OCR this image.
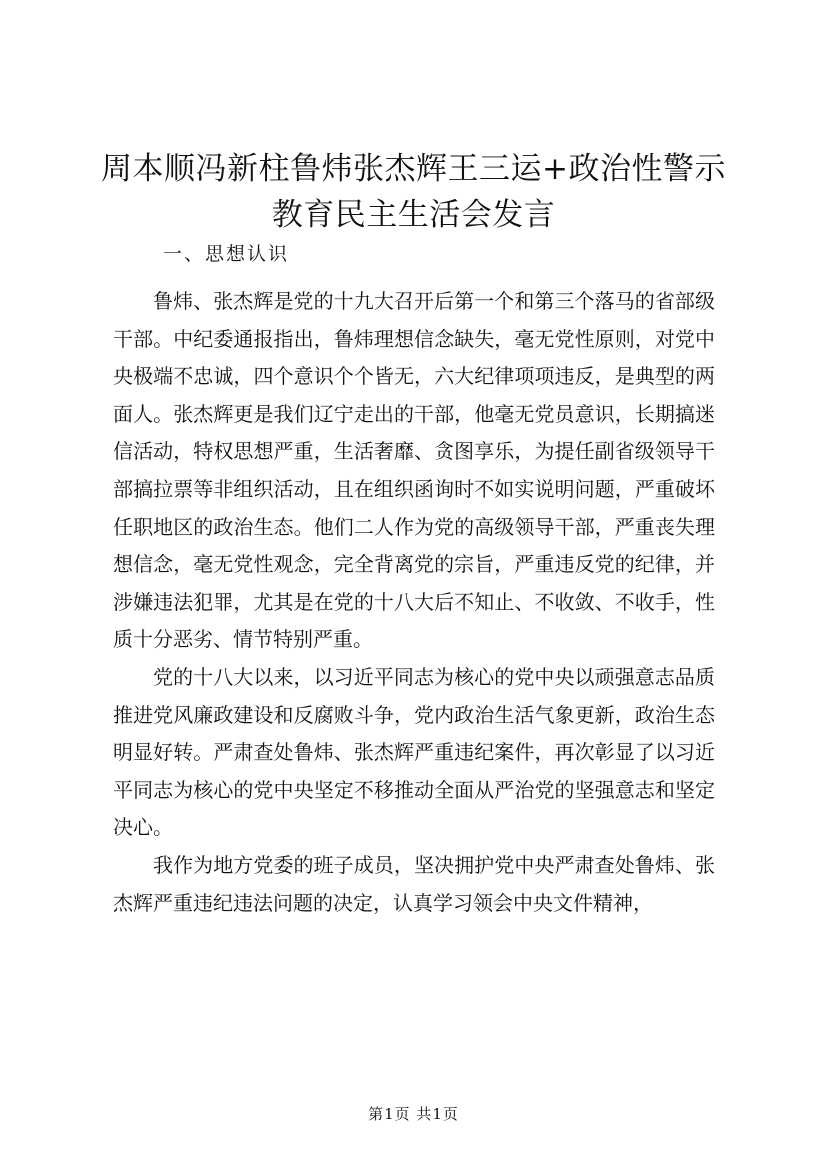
周本顺冯新柱鲁炜张杰辉王三运+政治性警示
教育民主生活会发言
一、思想认识

鲁炜、张杰辉是党的十九大召开后第一个和第三个落马的省部级干部。中纪委通报指出，鲁炜理想信念缺失，毫无党性原则，对党中央极端不忠诚，四个意识个个皆无，六大纪律项项违反，是典型的两面人。张杰辉更是我们辽宁走出的干部，他毫无党员意识，长期搞迷信活动，特权思想严重，生活奢靡、贪图享乐，为提任副省级领导干部搞拉票等非组织活动，且在组织函询时不如实说明问题，严重破坏任职地区的政治生态。他们二人作为党的高级领导干部，严重丧失理想信念，毫无党性观念，完全背离党的宗旨，严重违反党的纪律，并涉嫌违法犯罪，尤其是在党的十八大后不知止、不收敛、不收手，性质十分恶劣、情节特别严重。

党的十八大以来，以习近平同志为核心的党中央以顽强意志品质推进党风廉政建设和反腐败斗争，党内政治生活气象更新，政治生态明显好转。严肃查处鲁炜、张杰辉严重违纪案件，再次彰显了以习近平同志为核心的党中央坚定不移推动全面从严治党的坚强意志和坚定决心。

我作为地方党委的班子成员，坚决拥护党中央严肃查处鲁炜、张杰辉严重违纪违法问题的决定，认真学习领会中央文件精神，

第1页 共1页
